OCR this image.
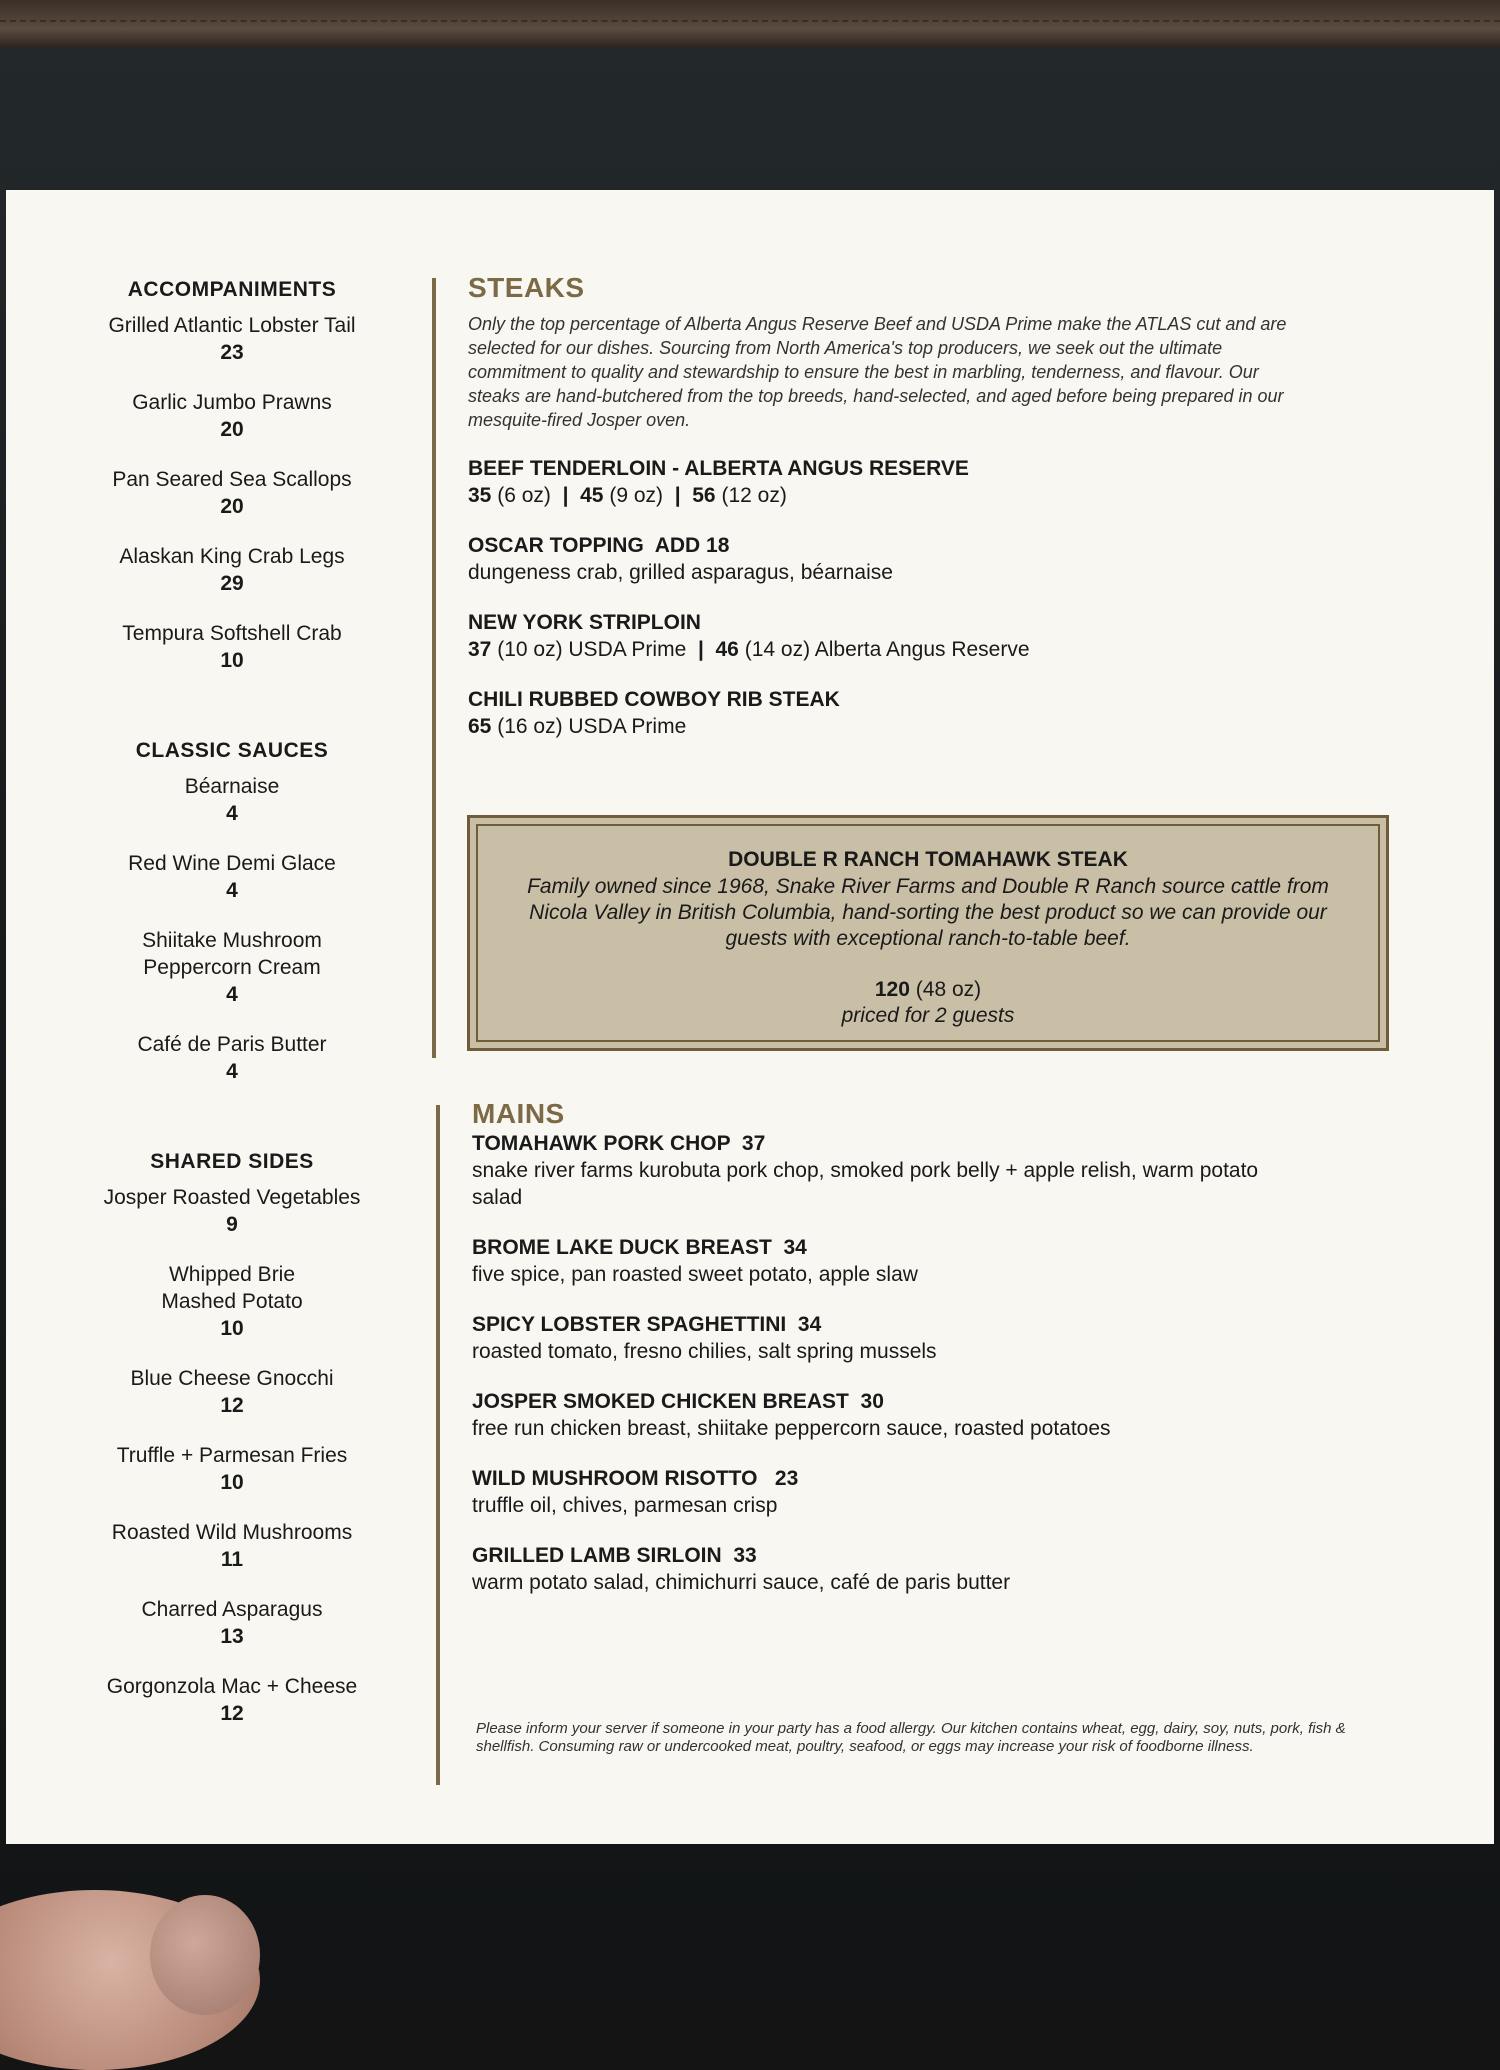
ACCOMPANIMENTS
Grilled Atlantic Lobster Tail
23
Garlic Jumbo Prawns
20
Pan Seared Sea Scallops
20
Alaskan King Crab Legs
29
Tempura Softshell Crab
10
CLASSIC SAUCES
Béarnaise
4
Red Wine Demi Glace
4
Shiitake Mushroom
Peppercorn Cream
4
Café de Paris Butter
4
SHARED SIDES
Josper Roasted Vegetables
9
Whipped Brie
Mashed Potato
10
Blue Cheese Gnocchi
12
Truffle + Parmesan Fries
10
Roasted Wild Mushrooms
11
Charred Asparagus
13
Gorgonzola Mac + Cheese
12
STEAKS
Only the top percentage of Alberta Angus Reserve Beef and USDA Prime make the ATLAS cut and are selected for our dishes. Sourcing from North America's top producers, we seek out the ultimate commitment to quality and stewardship to ensure the best in marbling, tenderness, and flavour. Our steaks are hand-butchered from the top breeds, hand-selected, and aged before being prepared in our mesquite-fired Josper oven.
BEEF TENDERLOIN - ALBERTA ANGUS RESERVE
35 (6 oz) | 45 (9 oz) | 56 (12 oz)
OSCAR TOPPING  ADD 18
dungeness crab, grilled asparagus, béarnaise
NEW YORK STRIPLOIN
37 (10 oz) USDA Prime | 46 (14 oz) Alberta Angus Reserve
CHILI RUBBED COWBOY RIB STEAK
65 (16 oz) USDA Prime
DOUBLE R RANCH TOMAHAWK STEAK
Family owned since 1968, Snake River Farms and Double R Ranch source cattle from Nicola Valley in British Columbia, hand-sorting the best product so we can provide our guests with exceptional ranch-to-table beef.
120 (48 oz)
priced for 2 guests
MAINS
TOMAHAWK PORK CHOP  37
snake river farms kurobuta pork chop, smoked pork belly + apple relish, warm potato salad
BROME LAKE DUCK BREAST  34
five spice, pan roasted sweet potato, apple slaw
SPICY LOBSTER SPAGHETTINI  34
roasted tomato, fresno chilies, salt spring mussels
JOSPER SMOKED CHICKEN BREAST  30
free run chicken breast, shiitake peppercorn sauce, roasted potatoes
WILD MUSHROOM RISOTTO   23
truffle oil, chives, parmesan crisp
GRILLED LAMB SIRLOIN  33
warm potato salad, chimichurri sauce, café de paris butter
Please inform your server if someone in your party has a food allergy. Our kitchen contains wheat, egg, dairy, soy, nuts, pork, fish & shellfish. Consuming raw or undercooked meat, poultry, seafood, or eggs may increase your risk of foodborne illness.
